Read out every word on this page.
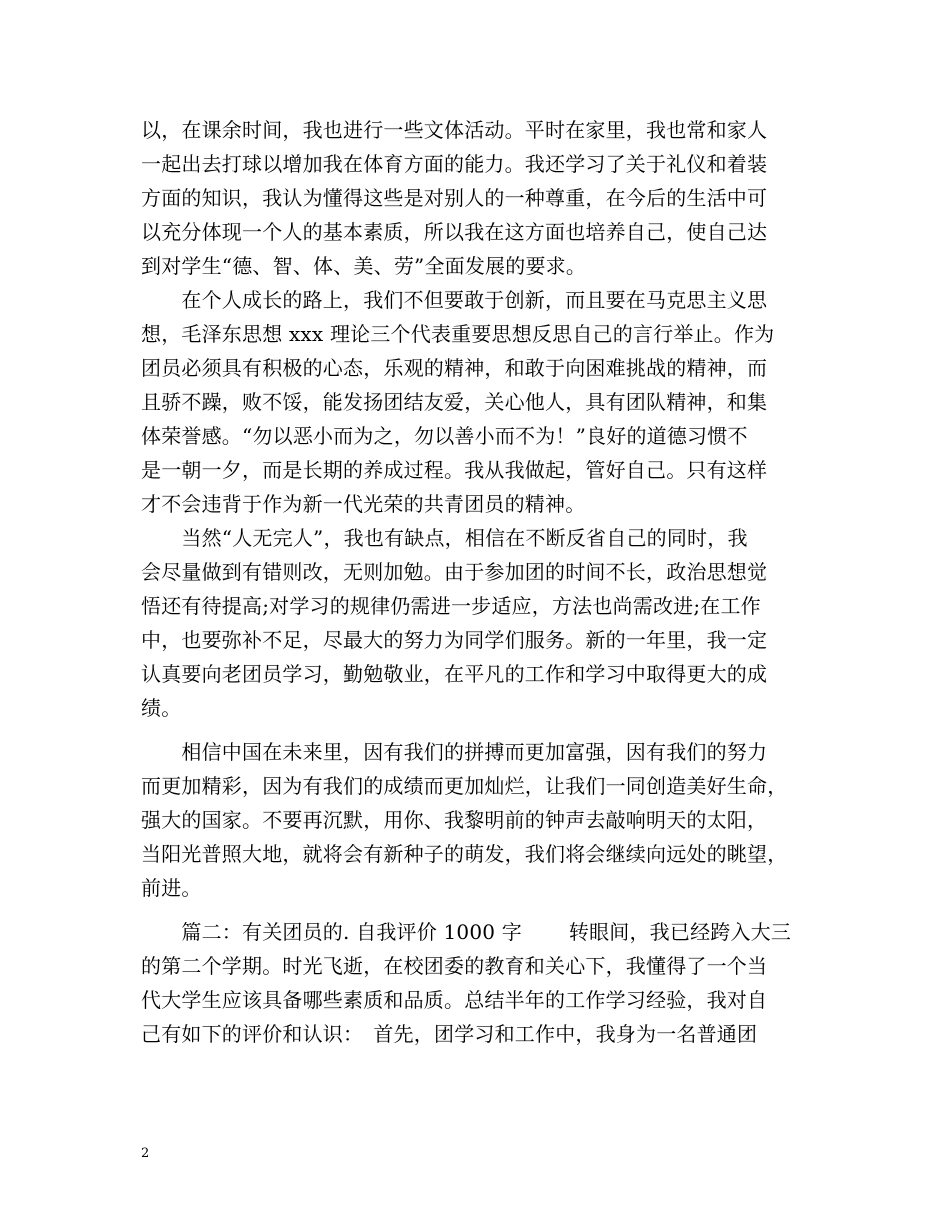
以，在课余时间，我也进行一些文体活动。平时在家里，我也常和家人
一起出去打球以增加我在体育方面的能力。我还学习了关于礼仪和着装
方面的知识，我认为懂得这些是对别人的一种尊重，在今后的生活中可
以充分体现一个人的基本素质，所以我在这方面也培养自己，使自己达
到对学生“德、智、体、美、劳”全面发展的要求。
　　在个人成长的路上，我们不但要敢于创新，而且要在马克思主义思
想，毛泽东思想 xxx 理论三个代表重要思想反思自己的言行举止。作为
团员必须具有积极的心态，乐观的精神，和敢于向困难挑战的精神，而
且骄不躁，败不馁，能发扬团结友爱，关心他人，具有团队精神，和集
体荣誉感。“勿以恶小而为之，勿以善小而不为！”良好的道德习惯不
是一朝一夕，而是长期的养成过程。我从我做起，管好自己。只有这样
才不会违背于作为新一代光荣的共青团员的精神。
　　当然“人无完人”，我也有缺点，相信在不断反省自己的同时，我
会尽量做到有错则改，无则加勉。由于参加团的时间不长，政治思想觉
悟还有待提高;对学习的规律仍需进一步适应，方法也尚需改进;在工作
中，也要弥补不足，尽最大的努力为同学们服务。新的一年里，我一定
认真要向老团员学习，勤勉敬业，在平凡的工作和学习中取得更大的成
绩。
　　相信中国在未来里，因有我们的拼搏而更加富强，因有我们的努力
而更加精彩，因为有我们的成绩而更加灿烂，让我们一同创造美好生命，
强大的国家。不要再沉默，用你、我黎明前的钟声去敲响明天的太阳，
当阳光普照大地，就将会有新种子的萌发，我们将会继续向远处的眺望，
前进。
　　篇二：有关团员的. 自我评价 1000 字　　 转眼间，我已经跨入大三
的第二个学期。时光飞逝，在校团委的教育和关心下，我懂得了一个当
代大学生应该具备哪些素质和品质。总结半年的工作学习经验，我对自
己有如下的评价和认识：　首先，团学习和工作中，我身为一名普通团
2
